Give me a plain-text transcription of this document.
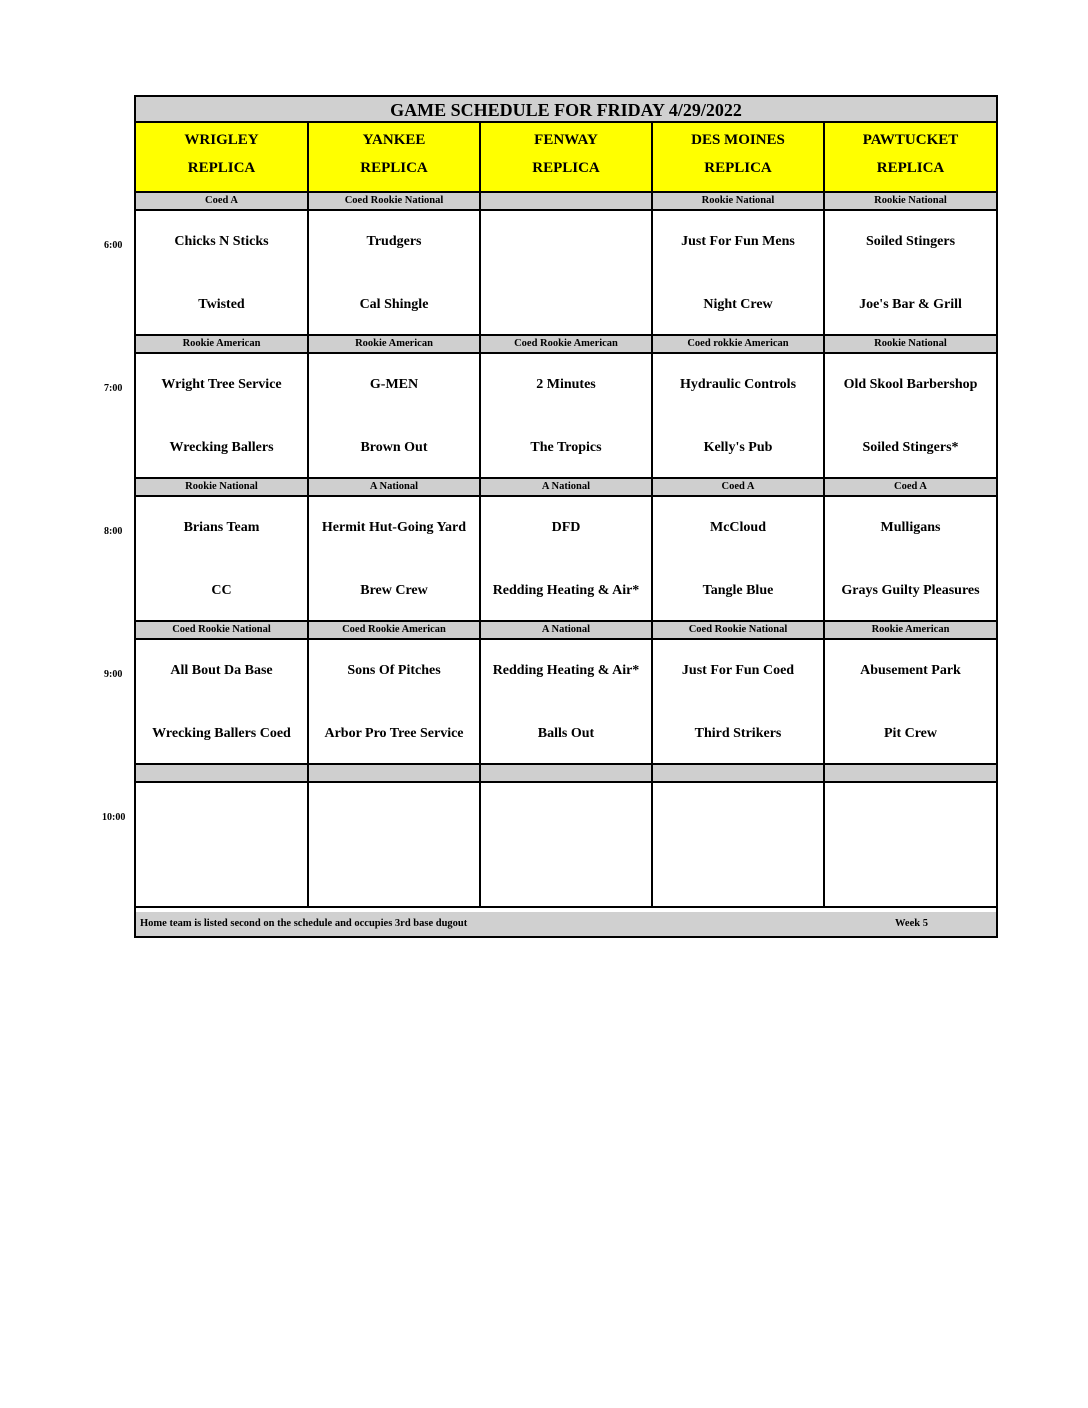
GAME SCHEDULE FOR FRIDAY 4/29/2022
WRIGLEY
REPLICA
YANKEE
REPLICA
FENWAY
REPLICA
DES MOINES
REPLICA
PAWTUCKET
REPLICA
Coed A
Chicks N Sticks
Twisted
Coed Rookie National
Trudgers
Cal Shingle
Rookie National
Just For Fun Mens
Night Crew
Rookie National
Soiled Stingers
Joe's Bar & Grill
Rookie American
Wright Tree Service
Wrecking Ballers
Rookie American
G-MEN
Brown Out
Coed Rookie American
2 Minutes
The Tropics
Coed rokkie American
Hydraulic Controls
Kelly's Pub
Rookie National
Old Skool Barbershop
Soiled Stingers*
Rookie National
Brians Team
CC
A National
Hermit Hut-Going Yard
Brew Crew
A National
DFD
Redding Heating & Air*
Coed A
McCloud
Tangle Blue
Coed A
Mulligans
Grays Guilty Pleasures
Coed Rookie National
All Bout Da Base
Wrecking Ballers Coed
Coed Rookie American
Sons Of Pitches
Arbor Pro Tree Service
A National
Redding Heating & Air*
Balls Out
Coed Rookie National
Just For Fun Coed
Third Strikers
Rookie American
Abusement Park
Pit Crew
Home team is listed second on the schedule and occupies 3rd base dugout	Week 5
6:00
7:00
8:00
9:00
10:00
